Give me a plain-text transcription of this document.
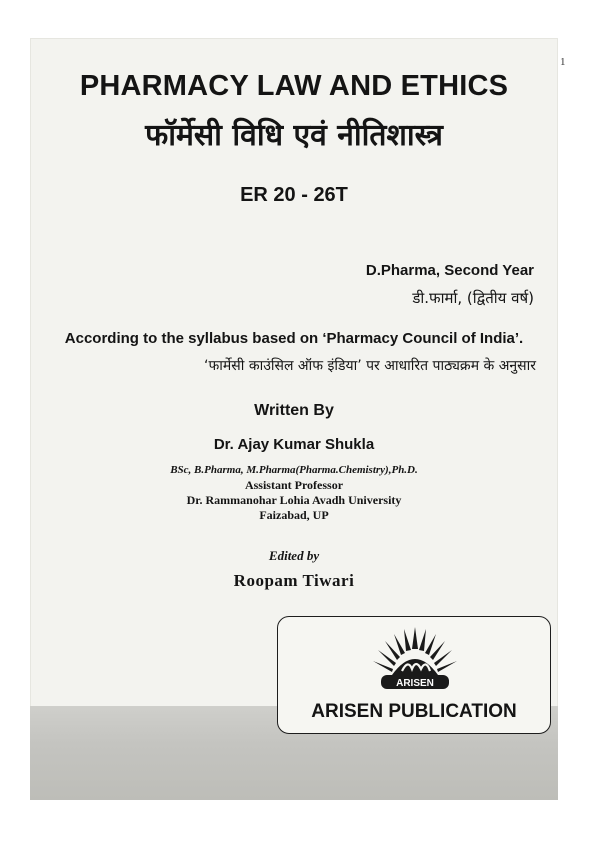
1
PHARMACY LAW AND ETHICS
फॉर्मेसी विधि एवं नीतिशास्त्र
ER 20 - 26T
D.Pharma, Second Year
डी.फार्मा, (द्वितीय वर्ष)
According to the syllabus based on ‘Pharmacy Council of India’.
‘फार्मेसी काउंसिल ऑफ इंडिया’ पर आधारित पाठ्यक्रम के अनुसार
Written By
Dr. Ajay Kumar Shukla
BSc, B.Pharma, M.Pharma(Pharma.Chemistry),Ph.D.
Assistant Professor
Dr. Rammanohar Lohia Avadh University
Faizabad, UP
Edited by
Roopam Tiwari
ARISEN
ARISEN PUBLICATION
